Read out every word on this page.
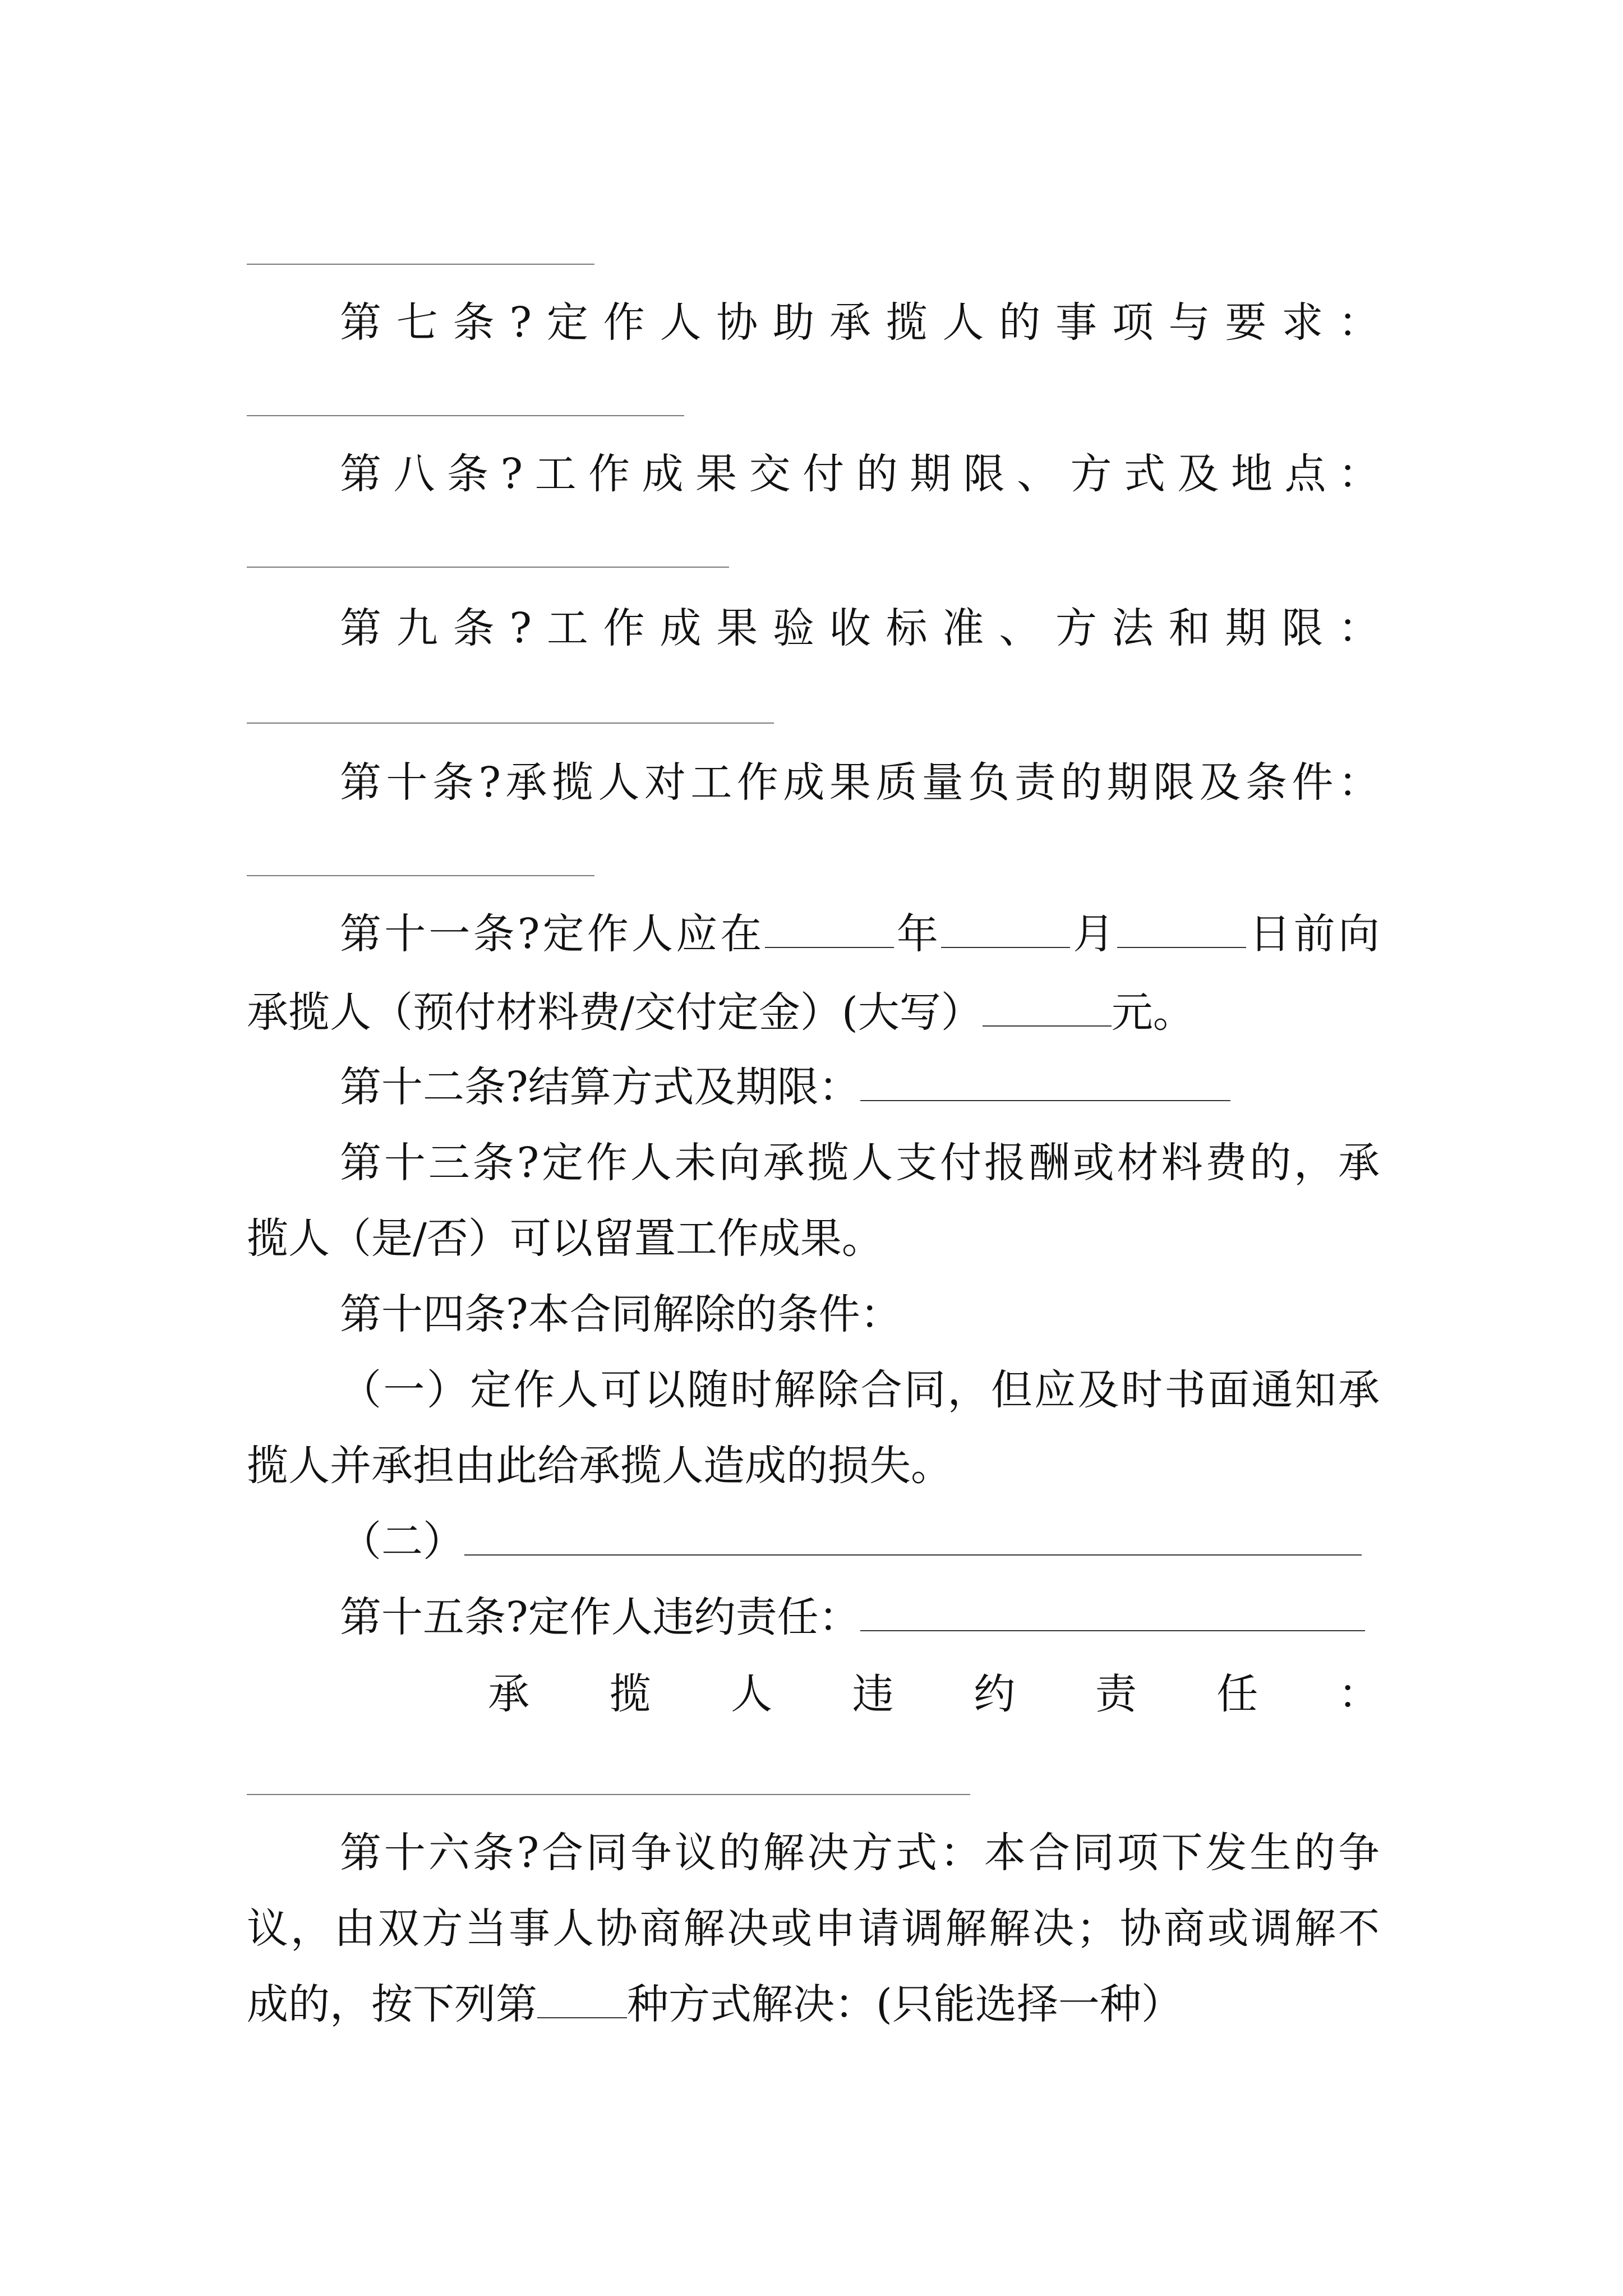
第七条?定作人协助承揽人的事项与要求：
第八条?工作成果交付的期限、方式及地点：
第九条?工作成果验收标准、方法和期限：
第十条?承揽人对工作成果质量负责的期限及条件：
第十一条?定作人应在	年	月	日前向
承揽人（预付材料费/交付定金）(大写）	元。
第十二条?结算方式及期限：
第十三条?定作人未向承揽人支付报酬或材料费的，承
揽人（是/否）可以留置工作成果。
第十四条?本合同解除的条件：
（一）定作人可以随时解除合同，但应及时书面通知承
揽人并承担由此给承揽人造成的损失。
（二）
第十五条?定作人违约责任：
承揽人违约责任：
第十六条?合同争议的解决方式：本合同项下发生的争
议，由双方当事人协商解决或申请调解解决；协商或调解不
成的，按下列第 种方式解决：(只能选择一种）
